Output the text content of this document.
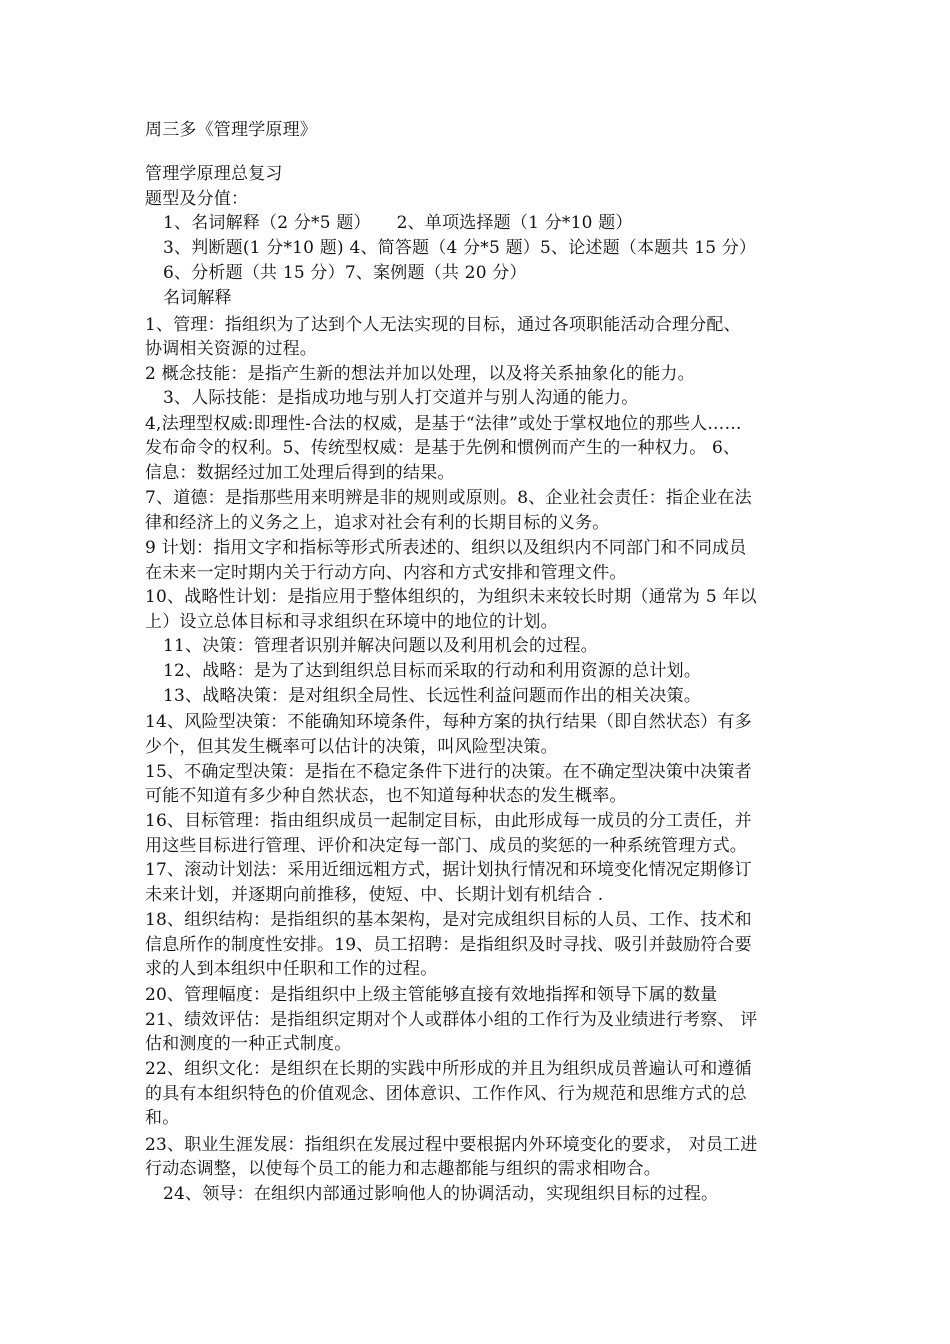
周三多《管理学原理》
管理学原理总复习
题型及分值：
1、名词解释（2 分*5 题）　　2、单项选择题（1 分*10 题）
3、判断题(1 分*10 题) 4、简答题（4 分*5 题）5、论述题（本题共 15 分）
6、分析题（共 15 分）7、案例题（共 20 分）
名词解释
1、管理：指组织为了达到个人无法实现的目标，通过各项职能活动合理分配、
协调相关资源的过程。
2 概念技能：是指产生新的想法并加以处理，以及将关系抽象化的能力。
3、人际技能：是指成功地与别人打交道并与别人沟通的能力。
4,法理型权威:即理性-合法的权威，是基于“法律”或处于掌权地位的那些人……
发布命令的权利。5、传统型权威：是基于先例和惯例而产生的一种权力。 6、
信息：数据经过加工处理后得到的结果。
7、道德：是指那些用来明辨是非的规则或原则。8、企业社会责任：指企业在法
律和经济上的义务之上，追求对社会有利的长期目标的义务。
9 计划：指用文字和指标等形式所表述的、组织以及组织内不同部门和不同成员
在未来一定时期内关于行动方向、内容和方式安排和管理文件。
10、战略性计划：是指应用于整体组织的，为组织未来较长时期（通常为 5 年以
上）设立总体目标和寻求组织在环境中的地位的计划。
11、决策：管理者识别并解决问题以及利用机会的过程。
12、战略：是为了达到组织总目标而采取的行动和利用资源的总计划。
13、战略决策：是对组织全局性、长远性利益问题而作出的相关决策。
14、风险型决策：不能确知环境条件，每种方案的执行结果（即自然状态）有多
少个，但其发生概率可以估计的决策，叫风险型决策。
15、不确定型决策：是指在不稳定条件下进行的决策。在不确定型决策中决策者
可能不知道有多少种自然状态，也不知道每种状态的发生概率。
16、目标管理：指由组织成员一起制定目标，由此形成每一成员的分工责任，并
用这些目标进行管理、评价和决定每一部门、成员的奖惩的一种系统管理方式。
17、滚动计划法：采用近细远粗方式，据计划执行情况和环境变化情况定期修订
未来计划，并逐期向前推移，使短、中、长期计划有机结合 .
18、组织结构：是指组织的基本架构，是对完成组织目标的人员、工作、技术和
信息所作的制度性安排。19、员工招聘：是指组织及时寻找、吸引并鼓励符合要
求的人到本组织中任职和工作的过程。
20、管理幅度：是指组织中上级主管能够直接有效地指挥和领导下属的数量
21、绩效评估：是指组织定期对个人或群体小组的工作行为及业绩进行考察、 评
估和测度的一种正式制度。
22、组织文化：是组织在长期的实践中所形成的并且为组织成员普遍认可和遵循
的具有本组织特色的价值观念、团体意识、工作作风、行为规范和思维方式的总
和。
23、职业生涯发展：指组织在发展过程中要根据内外环境变化的要求， 对员工进
行动态调整，以使每个员工的能力和志趣都能与组织的需求相吻合。
24、领导：在组织内部通过影响他人的协调活动，实现组织目标的过程。
